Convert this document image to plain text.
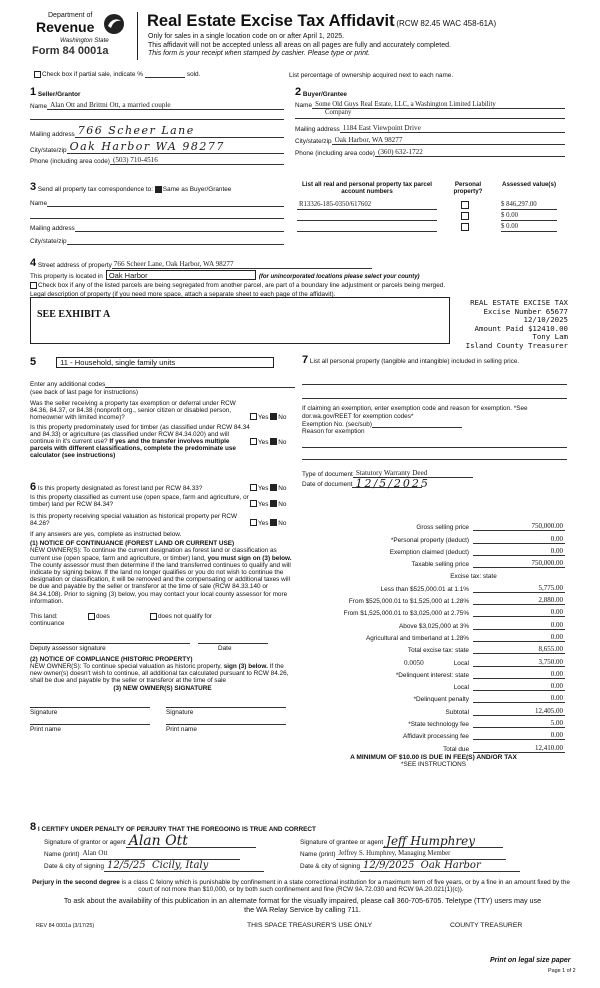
Department of
Revenue
Washington State
Form 84 0001a
Real Estate Excise Tax Affidavit (RCW 82.45 WAC 458-61A)
Only for sales in a single location code on or after April 1, 2025.
This affidavit will not be accepted unless all areas on all pages are fully and accurately completed.
This form is your receipt when stamped by cashier. Please type or print.
Check box if partial sale, indicate %	sold.	List percentage of ownership acquired next to each name.
1
Seller/Grantor
Name Alan Ott and Brittni Ott, a married couple
Mailing address 766 Scheer Lane
City/state/zip Oak Harbor WA 98277
Phone (including area code) (503) 710-4516
2
Buyer/Grantee
Name Some Old Guys Real Estate, LLC, a Washington Limited Liability
Company
Mailing address 1184 East Viewpoint Drive
City/state/zip Oak Harbor, WA 98277
Phone (including area code) (360) 632-1722
3
Send all property tax correspondence to:
Same as Buyer/Grantee
Name
Mailing address
City/state/zip
List all real and personal property tax parcel account numbers
Personal property?
Assessed value(s)
R13326-185-0350/617602	$ 846,297.00
$ 0.00
$ 0.00
4
Street address of property 766 Scheer Lane, Oak Harbor, WA 98277
This property is located in Oak Harbor	(for unincorporated locations please select your county)
Check box if any of the listed parcels are being segregated from another parcel, are part of a boundary line adjustment or parcels being merged.
Legal description of property (if you need more space, attach a separate sheet to each page of the affidavit).
SEE EXHIBIT A
REAL ESTATE EXCISE TAX
Excise Number 65677
12/10/2025
Amount Paid $12410.00
Tony Lam
Island County Treasurer
5	11 - Household, single family units
Enter any additional codes
(see back of last page for instructions)
Was the seller receiving a property tax exemption or deferral under RCW 84.36, 84.37, or 84.38 (nonprofit org., senior citizen or disabled person, homeowner with limited income)?	Yes No
Is this property predominately used for timber (as classified under RCW 84.34 and 84.33) or agriculture (as classified under RCW 84.34.020) and will continue in it's current use? If yes and the transfer involves multiple parcels with different classifications, complete the predominate use calculator (see instructions)
Yes No
6 Is this property designated as forest land per RCW 84.33?	Yes No
Is this property classified as current use (open space, farm and agriculture, or timber) land per RCW 84.34?	Yes No
Is this property receiving special valuation as historical property per RCW 84.26?	Yes No
If any answers are yes, complete as instructed below.
(1) NOTICE OF CONTINUANCE (FOREST LAND OR CURRENT USE)
NEW OWNER(S): To continue the current designation as forest land or classification as current use (open space, farm and agriculture, or timber) land, you must sign on (3) below. The county assessor must then determine if the land transferred continues to qualify and will indicate by signing below. If the land no longer qualifies or you do not wish to continue the designation or classification, it will be removed and the compensating or additional taxes will be due and payable by the seller or transferor at the time of sale (RCW 84.33.140 or 84.34.108). Prior to signing (3) below, you may contact your local county assessor for more information.
This land:	does	does not qualify for
continuance
Deputy assessor signature	Date
(2) NOTICE OF COMPLIANCE (HISTORIC PROPERTY)
NEW OWNER(S): To continue special valuation as historic property, sign (3) below. If the new owner(s) doesn't wish to continue, all additional tax calculated pursuant to RCW 84.26, shall be due and payable by the seller or transferor at the time of sale
(3) NEW OWNER(S) SIGNATURE
Signature	Signature
Print name	Print name
7 List all personal property (tangible and intangible) included in selling price.
If claiming an exemption, enter exemption code and reason for exemption. *See dor.wa.gov/REET for exemption codes*
Exemption No. (sec/sub)
Reason for exemption
Type of document Statutory Warranty Deed
Date of document 12/5/2025
Gross selling price	750,000.00
*Personal property (deduct)	0.00
Exemption claimed (deduct)	0.00
Taxable selling price	750,000.00
Excise tax: state
Less than $525,000.01 at 1.1%	5,775.00
From $525,000.01 to $1,525,000 at 1.28%	2,880.00
From $1,525,000.01 to $3,025,000 at 2.75%	0.00
Above $3,025,000 at 3%	0.00
Agricultural and timberland at 1.28%	0.00
Total excise tax: state	8,655.00
0.0050	Local	3,750.00
*Delinquent interest: state	0.00
Local	0.00
*Delinquent penalty	0.00
Subtotal	12,405.00
*State technology fee	5.00
Affidavit processing fee	0.00
Total due	12,410.00
A MINIMUM OF $10.00 IS DUE IN FEE(S) AND/OR TAX
*SEE INSTRUCTIONS
8
I CERTIFY UNDER PENALTY OF PERJURY THAT THE FOREGOING IS TRUE AND CORRECT
Signature of grantor or agent Alan Ott
Name (print) Alan Ott
Date & city of signing 12/5/25 Cicily, Italy
Signature of grantee or agent Jeff Humphrey
Name (print) Jeffrey S. Humphrey, Managing Member
Date & city of signing 12/9/2025 Oak Harbor
Perjury in the second degree is a class C felony which is punishable by confinement in a state correctional institution for a maximum term of five years, or by a fine in an amount fixed by the court of not more than $10,000, or by both such confinement and fine (RCW 9A.72.030 and RCW 9A.20.021(1)(c)).
To ask about the availability of this publication in an alternate format for the visually impaired, please call 360-705-6705. Teletype (TTY) users may use the WA Relay Service by calling 711.
REV 84 0001a (3/17/25)	THIS SPACE TREASURER'S USE ONLY	COUNTY TREASURER
Print on legal size paper
Page 1 of 2
